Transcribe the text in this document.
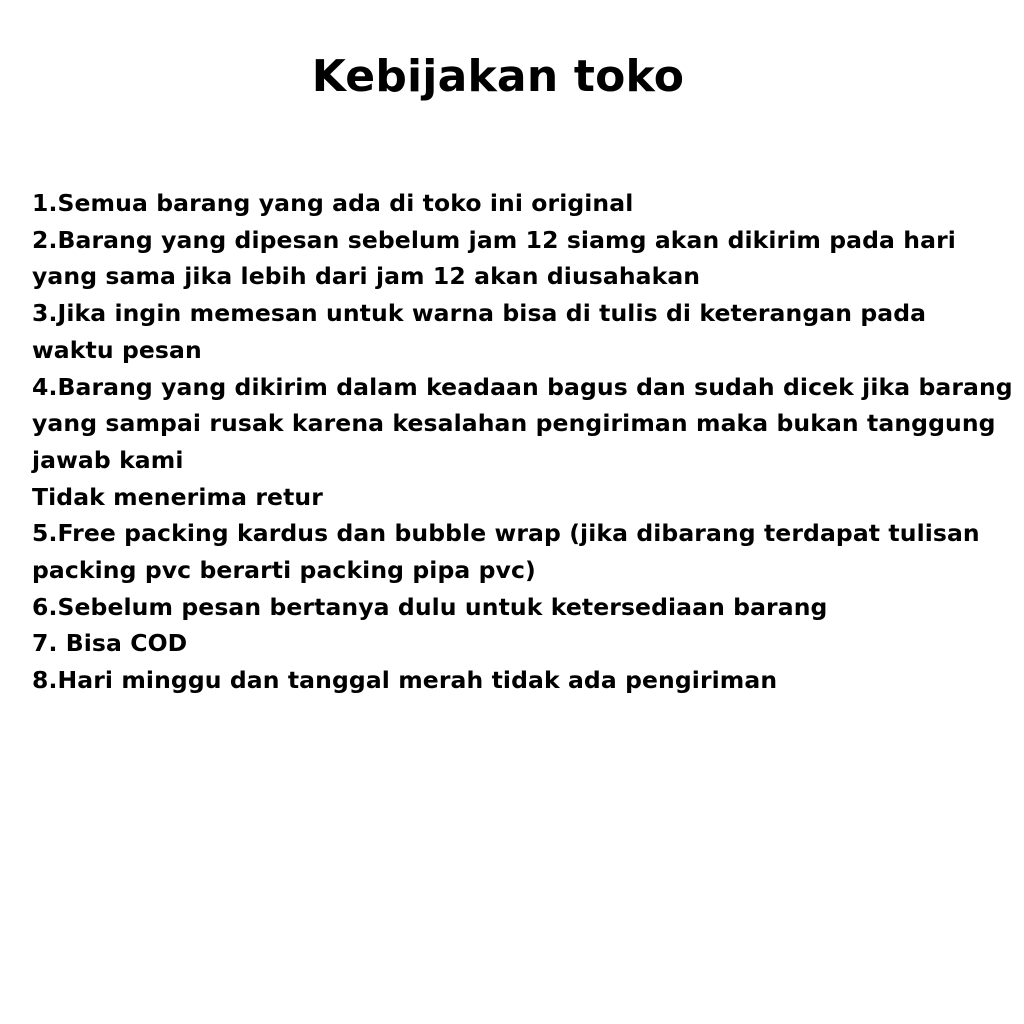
Kebijakan toko
1.Semua barang yang ada di toko ini original
2.Barang yang dipesan sebelum jam 12 siamg akan dikirim pada hari
yang sama jika lebih dari jam 12 akan diusahakan
3.Jika ingin memesan untuk warna bisa di tulis di keterangan pada
waktu pesan
4.Barang yang dikirim dalam keadaan bagus dan sudah dicek jika barang
yang sampai rusak karena kesalahan pengiriman maka bukan tanggung
jawab kami
Tidak menerima retur
5.Free packing kardus dan bubble wrap (jika dibarang terdapat tulisan
packing pvc berarti packing pipa pvc)
6.Sebelum pesan bertanya dulu untuk ketersediaan barang
7. Bisa COD
8.Hari minggu dan tanggal merah tidak ada pengiriman
